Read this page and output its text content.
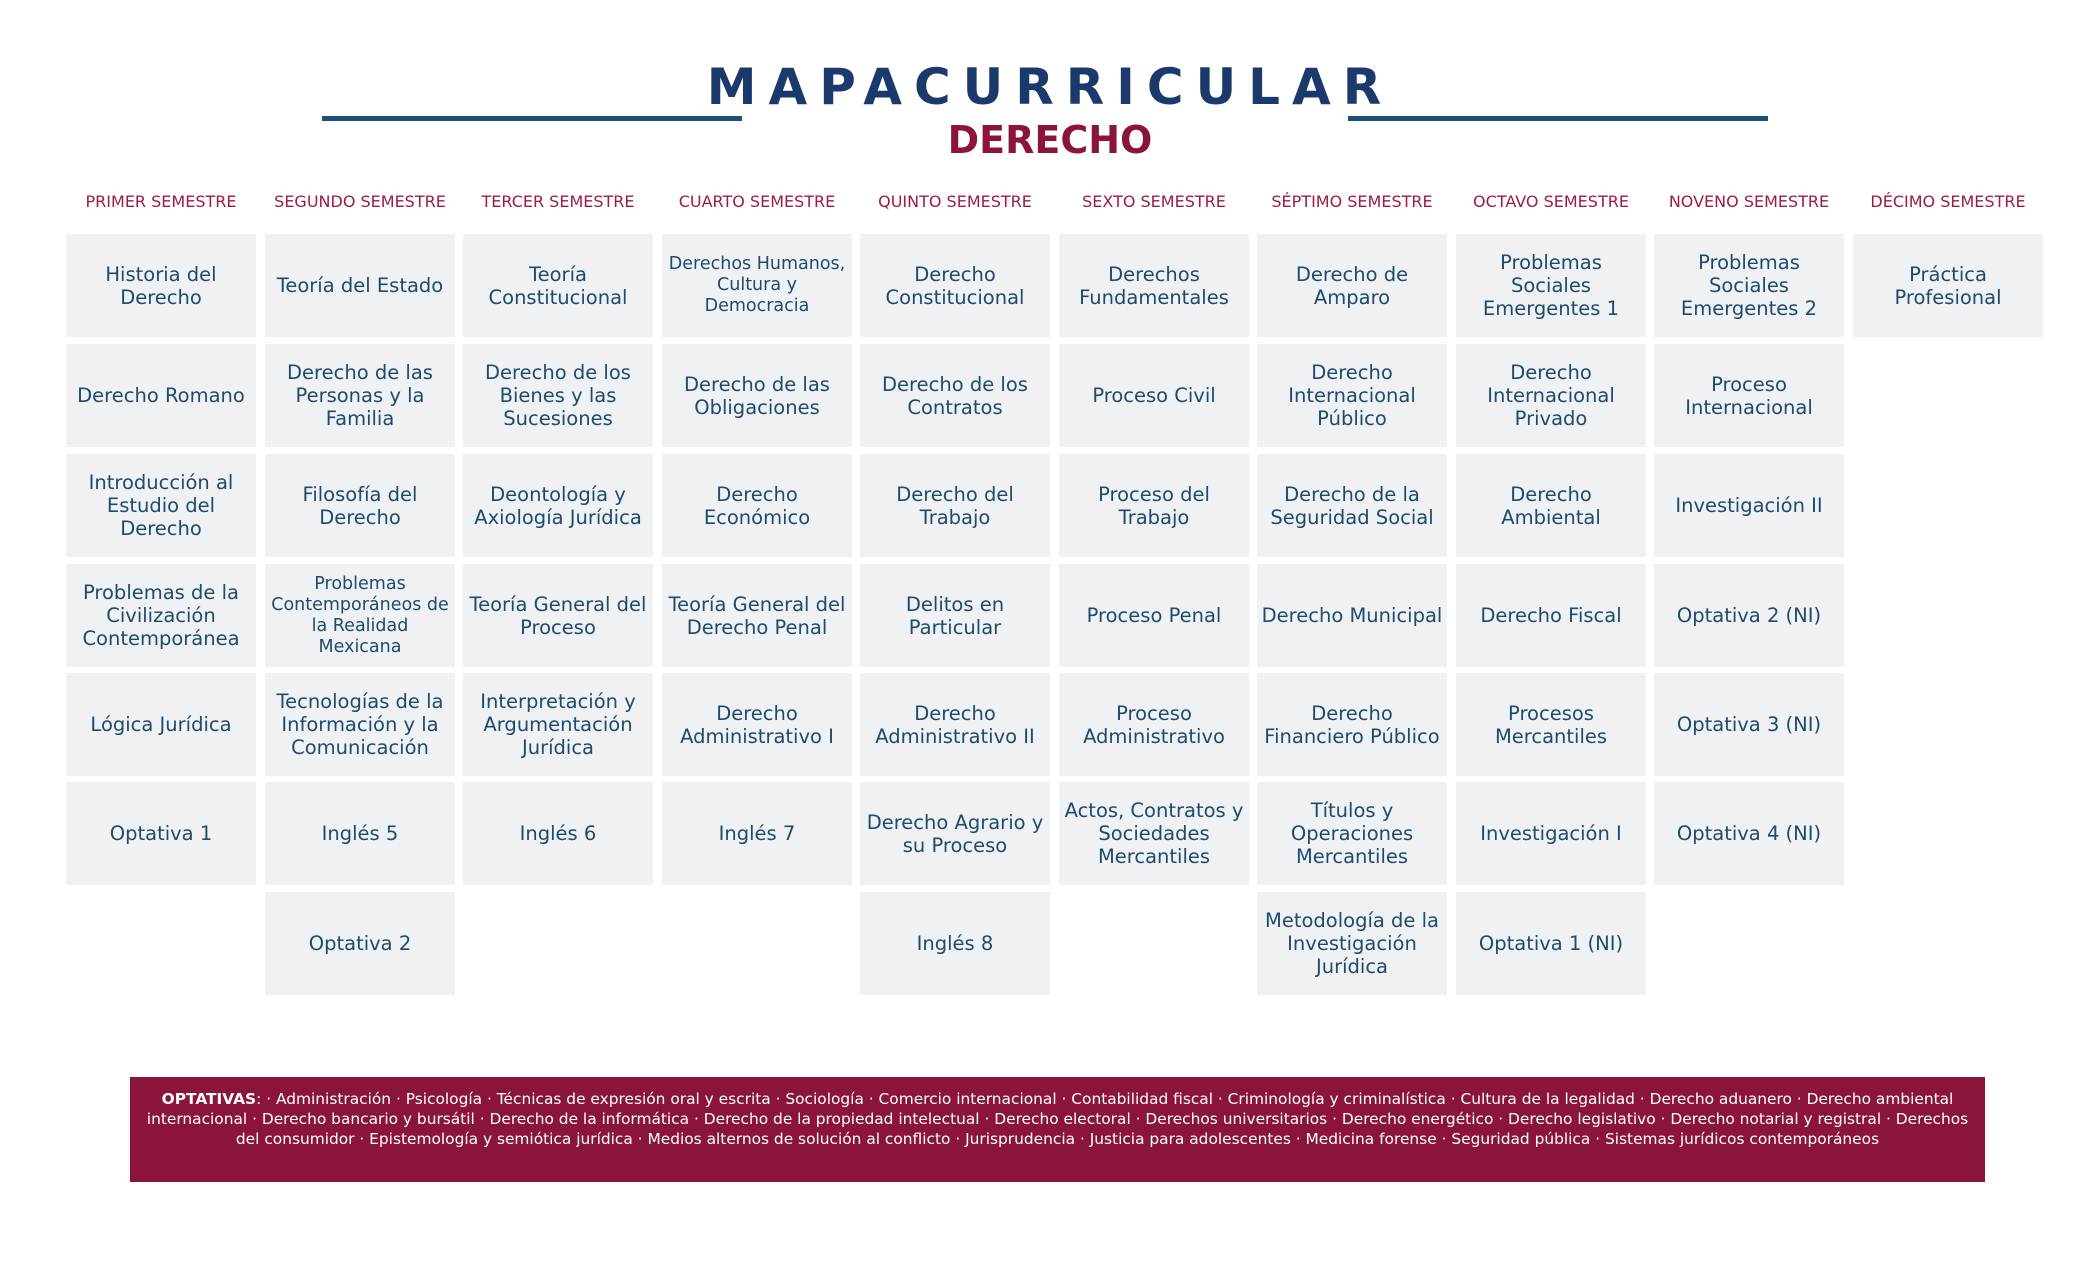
MAPACURRICULAR
DERECHO
PRIMER SEMESTRE
Historia del Derecho
Derecho Romano
Introducción al Estudio del Derecho
Problemas de la Civilización Contemporánea
Lógica Jurídica
Optativa 1
SEGUNDO SEMESTRE
Teoría del Estado
Derecho de las Personas y la Familia
Filosofía del Derecho
Problemas Contemporáneos de la Realidad Mexicana
Tecnologías de la Información y la Comunicación
Inglés 5
Optativa 2
TERCER SEMESTRE
Teoría Constitucional
Derecho de los Bienes y las Sucesiones
Deontología y Axiología Jurídica
Teoría General del Proceso
Interpretación y Argumentación Jurídica
Inglés 6
CUARTO SEMESTRE
Derechos Humanos, Cultura y Democracia
Derecho de las Obligaciones
Derecho Económico
Teoría General del Derecho Penal
Derecho Administrativo I
Inglés 7
QUINTO SEMESTRE
Derecho Constitucional
Derecho de los Contratos
Derecho del Trabajo
Delitos en Particular
Derecho Administrativo II
Derecho Agrario y su Proceso
Inglés 8
SEXTO SEMESTRE
Derechos Fundamentales
Proceso Civil
Proceso del Trabajo
Proceso Penal
Proceso Administrativo
Actos, Contratos y Sociedades Mercantiles
SÉPTIMO SEMESTRE
Derecho de Amparo
Derecho Internacional Público
Derecho de la Seguridad Social
Derecho Municipal
Derecho Financiero Público
Títulos y Operaciones Mercantiles
Metodología de la Investigación Jurídica
OCTAVO SEMESTRE
Problemas Sociales Emergentes 1
Derecho Internacional Privado
Derecho Ambiental
Derecho Fiscal
Procesos Mercantiles
Investigación I
Optativa 1 (NI)
NOVENO SEMESTRE
Problemas Sociales Emergentes 2
Proceso Internacional
Investigación II
Optativa 2 (NI)
Optativa 3 (NI)
Optativa 4 (NI)
DÉCIMO SEMESTRE
Práctica Profesional
OPTATIVAS: · Administración · Psicología · Técnicas de expresión oral y escrita · Sociología · Comercio internacional · Contabilidad fiscal · Criminología y criminalística · Cultura de la legalidad · Derecho aduanero · Derecho ambiental internacional · Derecho bancario y bursátil · Derecho de la informática · Derecho de la propiedad intelectual · Derecho electoral · Derechos universitarios · Derecho energético · Derecho legislativo · Derecho notarial y registral · Derechos del consumidor · Epistemología y semiótica jurídica · Medios alternos de solución al conflicto · Jurisprudencia · Justicia para adolescentes · Medicina forense · Seguridad pública · Sistemas jurídicos contemporáneos
